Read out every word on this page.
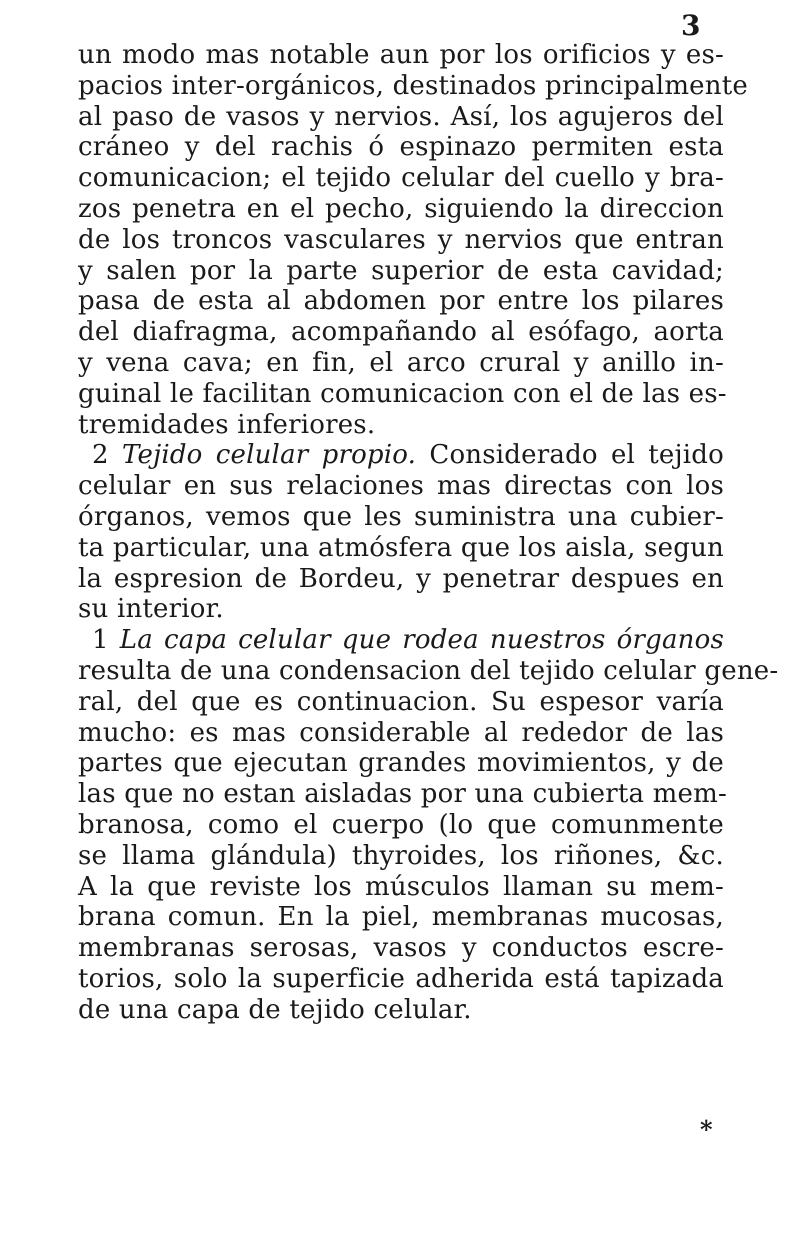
3
un modo mas notable aun por los orificios y es-
pacios inter-orgánicos, destinados principalmente
al paso de vasos y nervios. Así, los agujeros del
cráneo y del rachis ó espinazo permiten esta
comunicacion; el tejido celular del cuello y bra-
zos penetra en el pecho, siguiendo la direccion
de los troncos vasculares y nervios que entran
y salen por la parte superior de esta cavidad;
pasa de esta al abdomen por entre los pilares
del diafragma, acompañando al esófago, aorta
y vena cava; en fin, el arco crural y anillo in-
guinal le facilitan comunicacion con el de las es-
tremidades inferiores.
2 Tejido celular propio. Considerado el tejido
celular en sus relaciones mas directas con los
órganos, vemos que les suministra una cubier-
ta particular, una atmósfera que los aisla, segun
la espresion de Bordeu, y penetrar despues en
su interior.
1 La capa celular que rodea nuestros órganos
resulta de una condensacion del tejido celular gene-
ral, del que es continuacion. Su espesor varía
mucho: es mas considerable al rededor de las
partes que ejecutan grandes movimientos, y de
las que no estan aisladas por una cubierta mem-
branosa, como el cuerpo (lo que comunmente
se llama glándula) thyroides, los riñones, &c.
A la que reviste los músculos llaman su mem-
brana comun. En la piel, membranas mucosas,
membranas serosas, vasos y conductos escre-
torios, solo la superficie adherida está tapizada
de una capa de tejido celular.
*
